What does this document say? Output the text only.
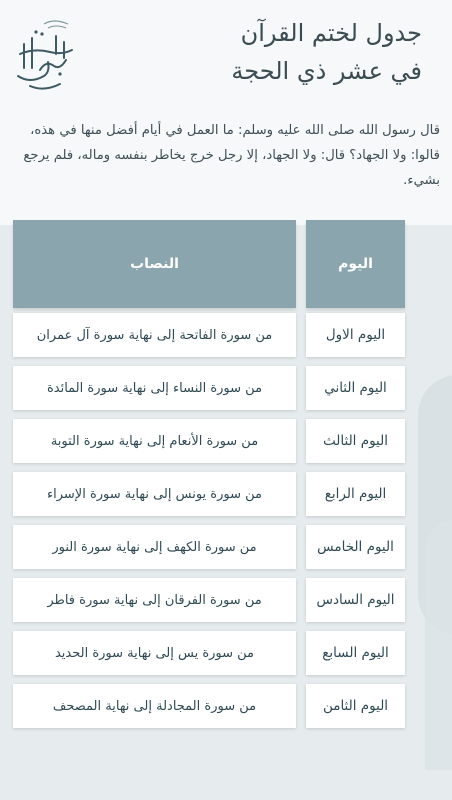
جدول لختم القرآن
في عشر ذي الحجة
قال رسول الله صلى الله عليه وسلم: ما العمل في أيام أفضل منها في هذه، قالوا: ولا الجهاد؟ قال: ولا الجهاد، إلا رجل خرج يخاطر بنفسه وماله، فلم يرجع بشيء.
اليوم
النصاب
اليوم الاول
من سورة الفاتحة إلى نهاية سورة آل عمران
اليوم الثاني
من سورة النساء إلى نهاية سورة المائدة
اليوم الثالث
من سورة الأنعام إلى نهاية سورة التوبة
اليوم الرابع
من سورة يونس إلى نهاية سورة الإسراء
اليوم الخامس
من سورة الكهف إلى نهاية سورة النور
اليوم السادس
من سورة الفرقان إلى نهاية سورة فاطر
اليوم السابع
من سورة يس إلى نهاية سورة الحديد
اليوم الثامن
من سورة المجادلة إلى نهاية المصحف
